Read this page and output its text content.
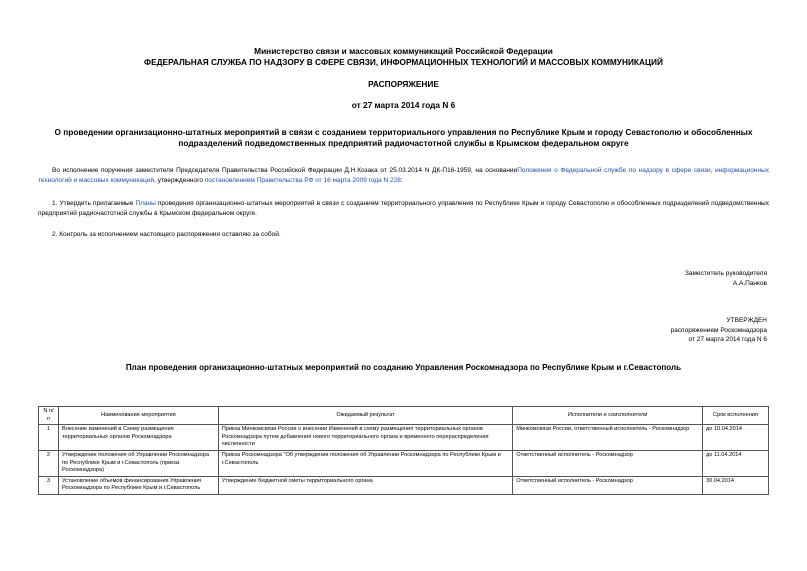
Министерство связи и массовых коммуникаций Российской Федерации
ФЕДЕРАЛЬНАЯ СЛУЖБА ПО НАДЗОРУ В СФЕРЕ СВЯЗИ, ИНФОРМАЦИОННЫХ ТЕХНОЛОГИЙ И МАССОВЫХ КОММУНИКАЦИЙ
РАСПОРЯЖЕНИЕ
от 27 марта 2014 года N 6
О проведении организационно-штатных мероприятий в связи с созданием территориального управления по Республике Крым и городу Севастополю и обособленных подразделений подведомственных предприятий радиочастотной службы в Крымском федеральном округе
Во исполнение поручения заместителя Председателя Правительства Российской Федерации Д.Н.Козака от 25.03.2014 N ДК-П16-1959, на основанииПоложения о Федеральной службе по надзору в сфере связи, информационных технологий и массовых коммуникаций, утвержденного постановлением Правительства РФ от 16 марта 2009 года N 228:
1. Утвердить прилагаемые Планы проведения организационно-штатных мероприятий в связи с созданием территориального управления по Республике Крым и городу Севастополю и обособленных подразделений подведомственных предприятий радиочастотной службы в Крымском федеральном округе.
2. Контроль за исполнением настоящего распоряжения оставляю за собой.
Заместитель руководителя
А.А.Панков
УТВЕРЖДЕН
распоряжением Роскомнадзора
от 27 марта 2014 года N 6
План проведения организационно-штатных мероприятий по созданию Управления Роскомнадзора по Республике Крым и г.Севастополь
N п/п	Наименование мероприятия	Ожидаемый результат	Исполнители и соисполнители	Срок исполнения
1	Внесение изменений в Схему размещения территориальных органов Роскомнадзора	Приказ Минкомсвязи России о внесении Изменений в схему размещения территориальных органов Роскомнадзора путем добавления нового территориального органа и временного перераспределения численности	Минкомсвязи России, ответственный исполнитель - Роскомнадзор	до 10.04.2014
2	Утверждение положения об Управлении Роскомнадзора по Республике Крым и г.Севастополь (приказ Роскомнадзора)	Приказ Роскомнадзора "Об утверждении положения об Управлении Роскомнадзора по Республике Крым и г.Севастополь	Ответственный исполнитель - Роскомнадзор	до 11.04.2014
3	Установление объемов финансирования Управления Роскомнадзора по Республике Крым и г.Севастополь	Утверждение бюджетной сметы территориального органа	Ответственный исполнитель - Роскомнадзор	30.04.2014
